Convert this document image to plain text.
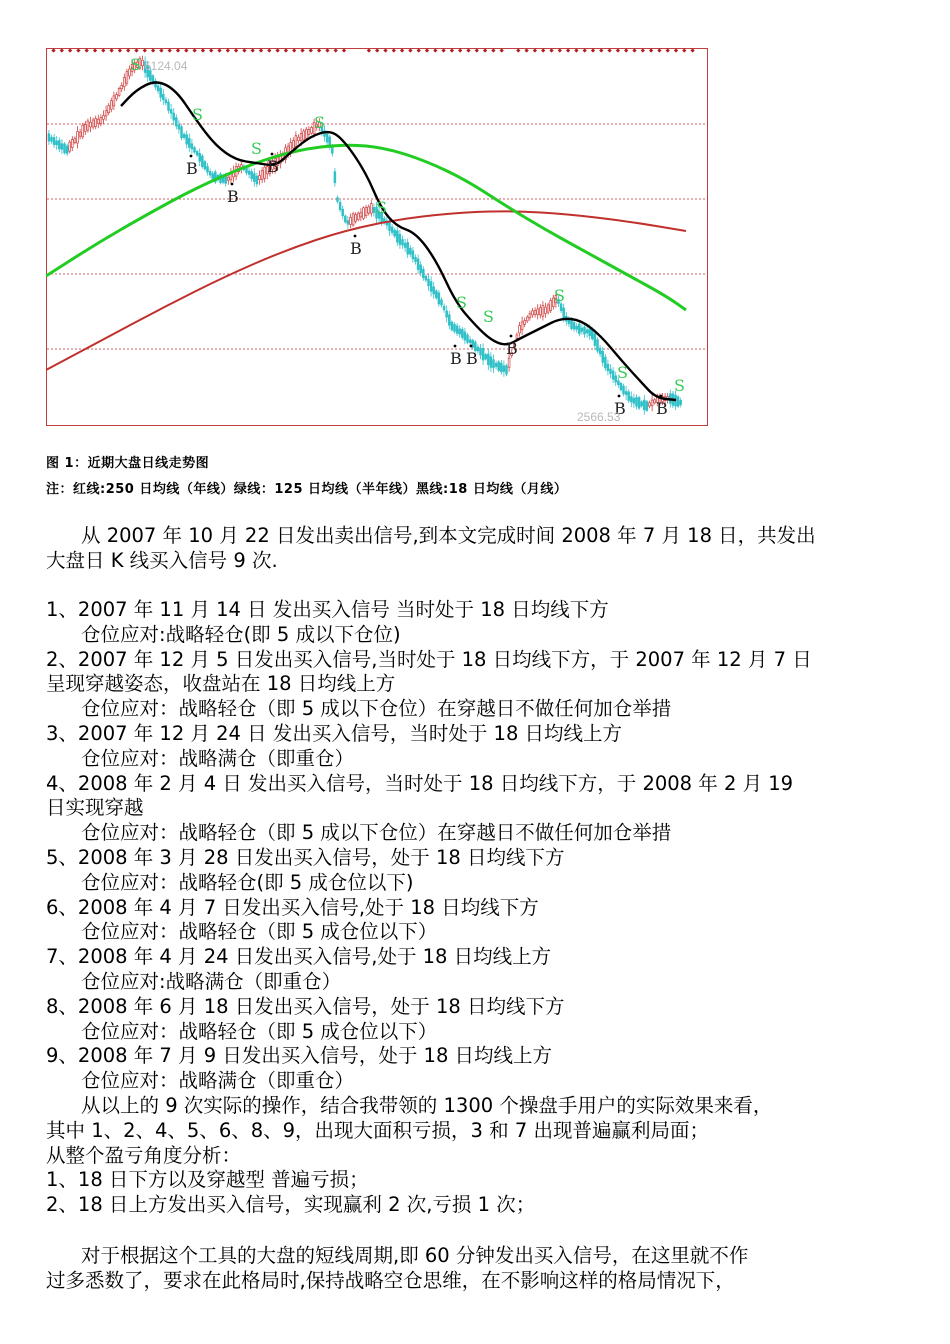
S
S
S
S
S
S
S
S
S
S
B
B
B
B
B B
B
B B
6124.04
2566.53
图 1：近期大盘日线走势图
注：红线:250 日均线（年线）绿线：125 日均线（半年线）黑线:18 日均线（月线）
从 2007 年 10 月 22 日发出卖出信号,到本文完成时间 2008 年 7 月 18 日，共发出
大盘日 K 线买入信号 9 次.
1、2007 年 11 月 14 日 发出买入信号 当时处于 18 日均线下方
仓位应对:战略轻仓(即 5 成以下仓位)
2、2007 年 12 月 5 日发出买入信号,当时处于 18 日均线下方，于 2007 年 12 月 7 日
呈现穿越姿态，收盘站在 18 日均线上方
仓位应对：战略轻仓（即 5 成以下仓位）在穿越日不做任何加仓举措
3、2007 年 12 月 24 日 发出买入信号，当时处于 18 日均线上方
仓位应对：战略满仓（即重仓）
4、2008 年 2 月 4 日 发出买入信号，当时处于 18 日均线下方，于 2008 年 2 月 19
日实现穿越
仓位应对：战略轻仓（即 5 成以下仓位）在穿越日不做任何加仓举措
5、2008 年 3 月 28 日发出买入信号，处于 18 日均线下方
仓位应对：战略轻仓(即 5 成仓位以下)
6、2008 年 4 月 7 日发出买入信号,处于 18 日均线下方
仓位应对：战略轻仓（即 5 成仓位以下）
7、2008 年 4 月 24 日发出买入信号,处于 18 日均线上方
仓位应对:战略满仓（即重仓）
8、2008 年 6 月 18 日发出买入信号，处于 18 日均线下方
仓位应对：战略轻仓（即 5 成仓位以下）
9、2008 年 7 月 9 日发出买入信号，处于 18 日均线上方
仓位应对：战略满仓（即重仓）
从以上的 9 次实际的操作，结合我带领的 1300 个操盘手用户的实际效果来看，
其中 1、2、4、5、6、8、9，出现大面积亏损，3 和 7 出现普遍赢利局面；
从整个盈亏角度分析：
1、18 日下方以及穿越型 普遍亏损；
2、18 日上方发出买入信号，实现赢利 2 次,亏损 1 次；
对于根据这个工具的大盘的短线周期,即 60 分钟发出买入信号，在这里就不作
过多悉数了，要求在此格局时,保持战略空仓思维，在不影响这样的格局情况下，
